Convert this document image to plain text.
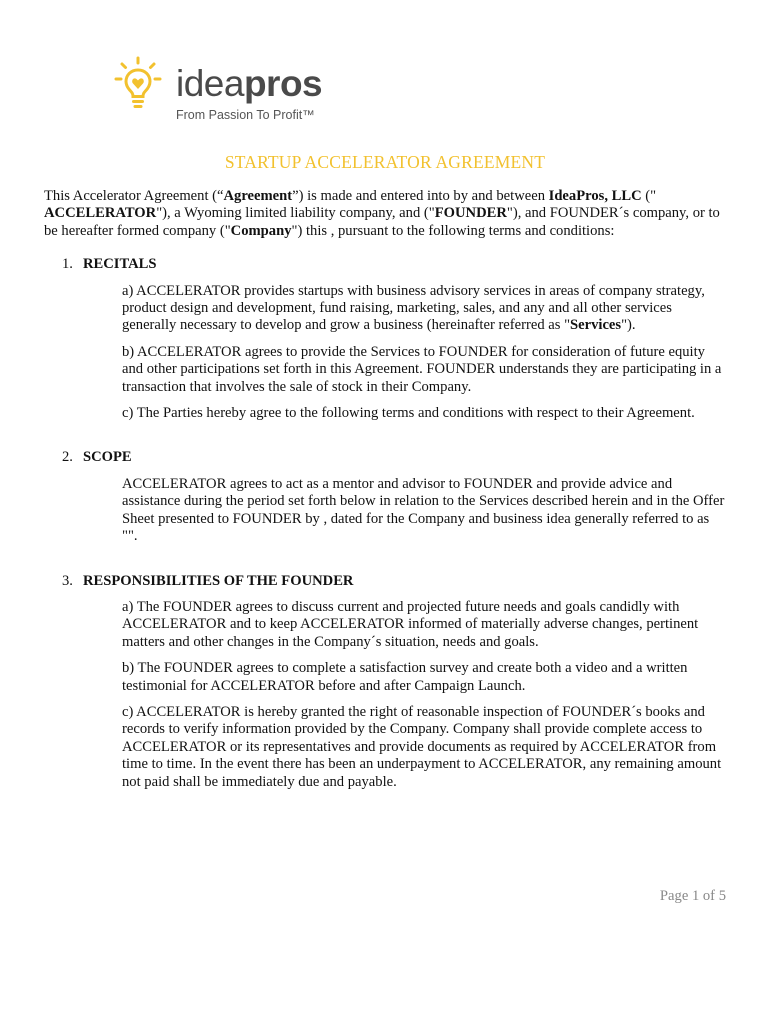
ideapros
From Passion To Profit™
STARTUP ACCELERATOR AGREEMENT

This Accelerator Agreement (“Agreement”) is made and entered into by and between IdeaPros, LLC (" ACCELERATOR"), a Wyoming limited liability company, and ("FOUNDER"), and FOUNDER´s company, or to be hereafter formed company ("Company") this , pursuant to the following terms and conditions:

1. RECITALS

a) ACCELERATOR provides startups with business advisory services in areas of company strategy, product design and development, fund raising, marketing, sales, and any and all other services generally necessary to develop and grow a business (hereinafter referred as "Services").

b) ACCELERATOR agrees to provide the Services to FOUNDER for consideration of future equity and other participations set forth in this Agreement. FOUNDER understands they are participating in a transaction that involves the sale of stock in their Company.

c) The Parties hereby agree to the following terms and conditions with respect to their Agreement.

2. SCOPE

ACCELERATOR agrees to act as a mentor and advisor to FOUNDER and provide advice and assistance during the period set forth below in relation to the Services described herein and in the Offer Sheet presented to FOUNDER by , dated for the Company and business idea generally referred to as "".

3. RESPONSIBILITIES OF THE FOUNDER

a) The FOUNDER agrees to discuss current and projected future needs and goals candidly with ACCELERATOR and to keep ACCELERATOR informed of materially adverse changes, pertinent matters and other changes in the Company´s situation, needs and goals.

b) The FOUNDER agrees to complete a satisfaction survey and create both a video and a written testimonial for ACCELERATOR before and after Campaign Launch.

c) ACCELERATOR is hereby granted the right of reasonable inspection of FOUNDER´s books and records to verify information provided by the Company. Company shall provide complete access to ACCELERATOR or its representatives and provide documents as required by ACCELERATOR from time to time. In the event there has been an underpayment to ACCELERATOR, any remaining amount not paid shall be immediately due and payable.

Page 1 of 5
